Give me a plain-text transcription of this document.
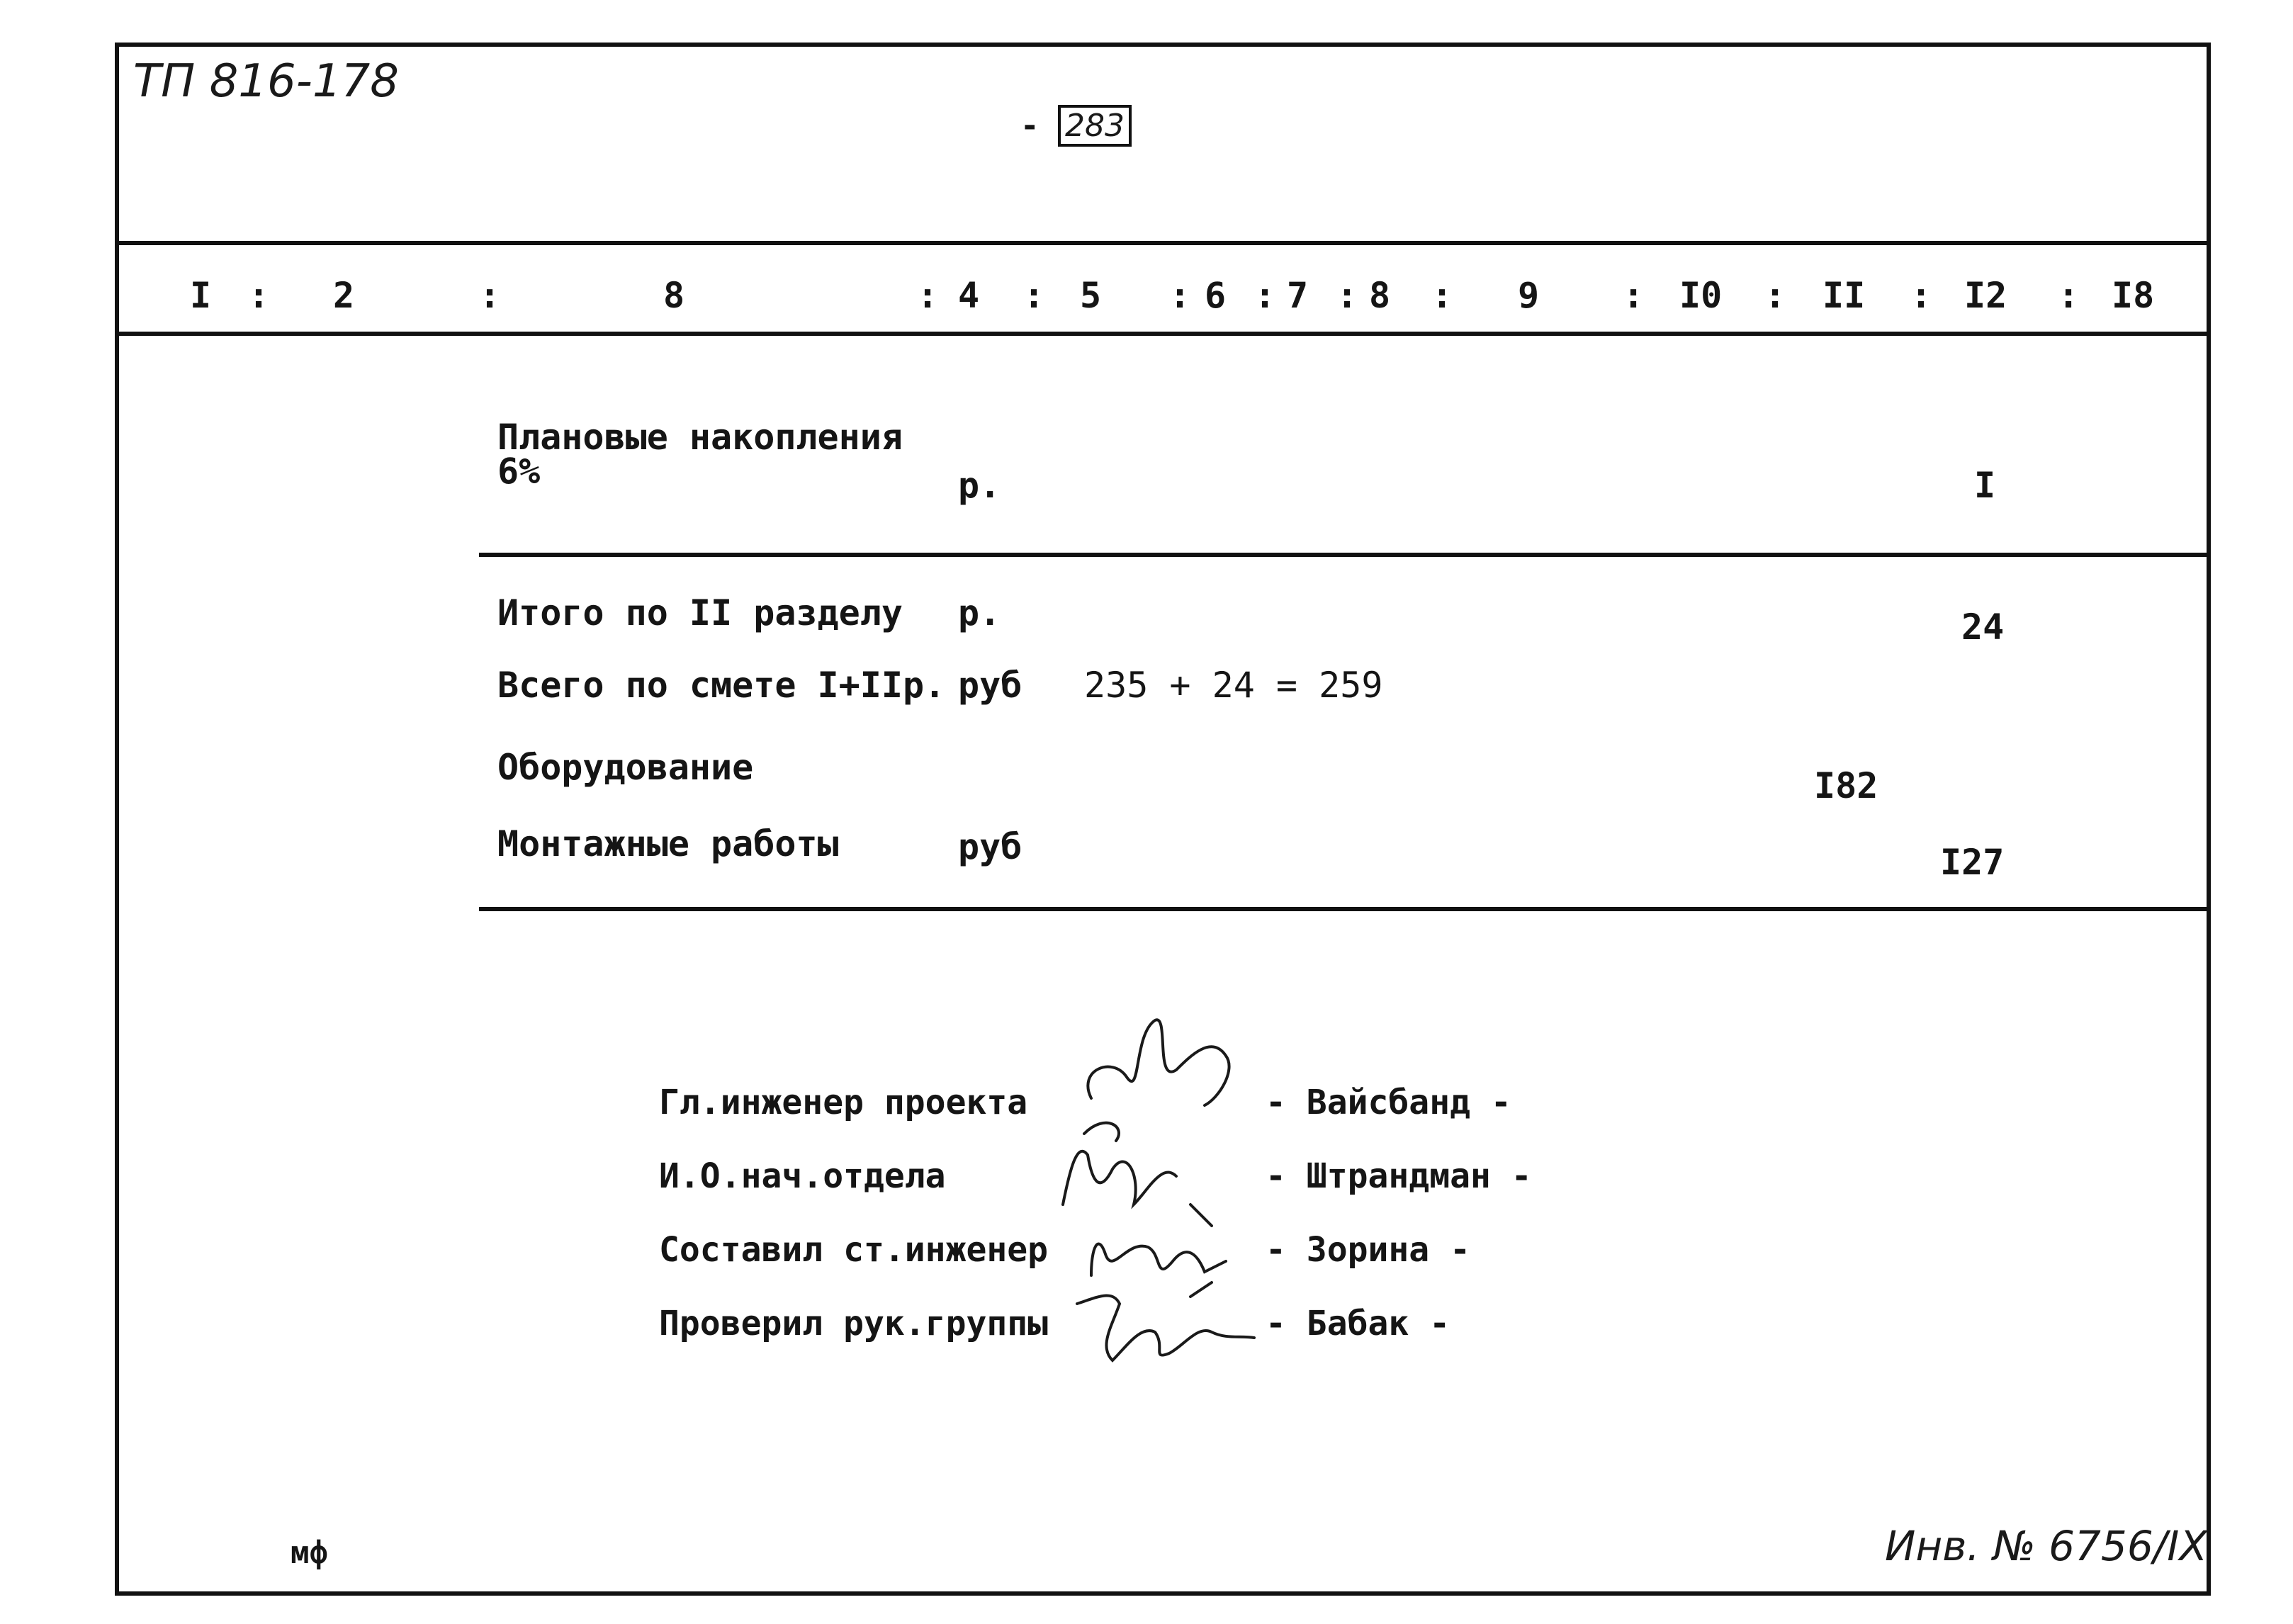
ТП 816-178
- 283
I : 2	:	8	: 4 : 5 : 6 : 7 : 8 : 9 : I0 : II : I2 : I8
Плановые накопления
6%	р.	I
Итого по II разделу р.	24
Всего по смете I+IIр. руб 235 + 24 = 259
Оборудование	I82
Монтажные работы	руб	I27
Гл.инженер проекта	- Вайсбанд -
И.О.нач.отдела	- Штрандман -
Составил ст.инженер	- Зорина -
Проверил рук.группы	- Бабак -
мф	Инв. № 6756/IX
